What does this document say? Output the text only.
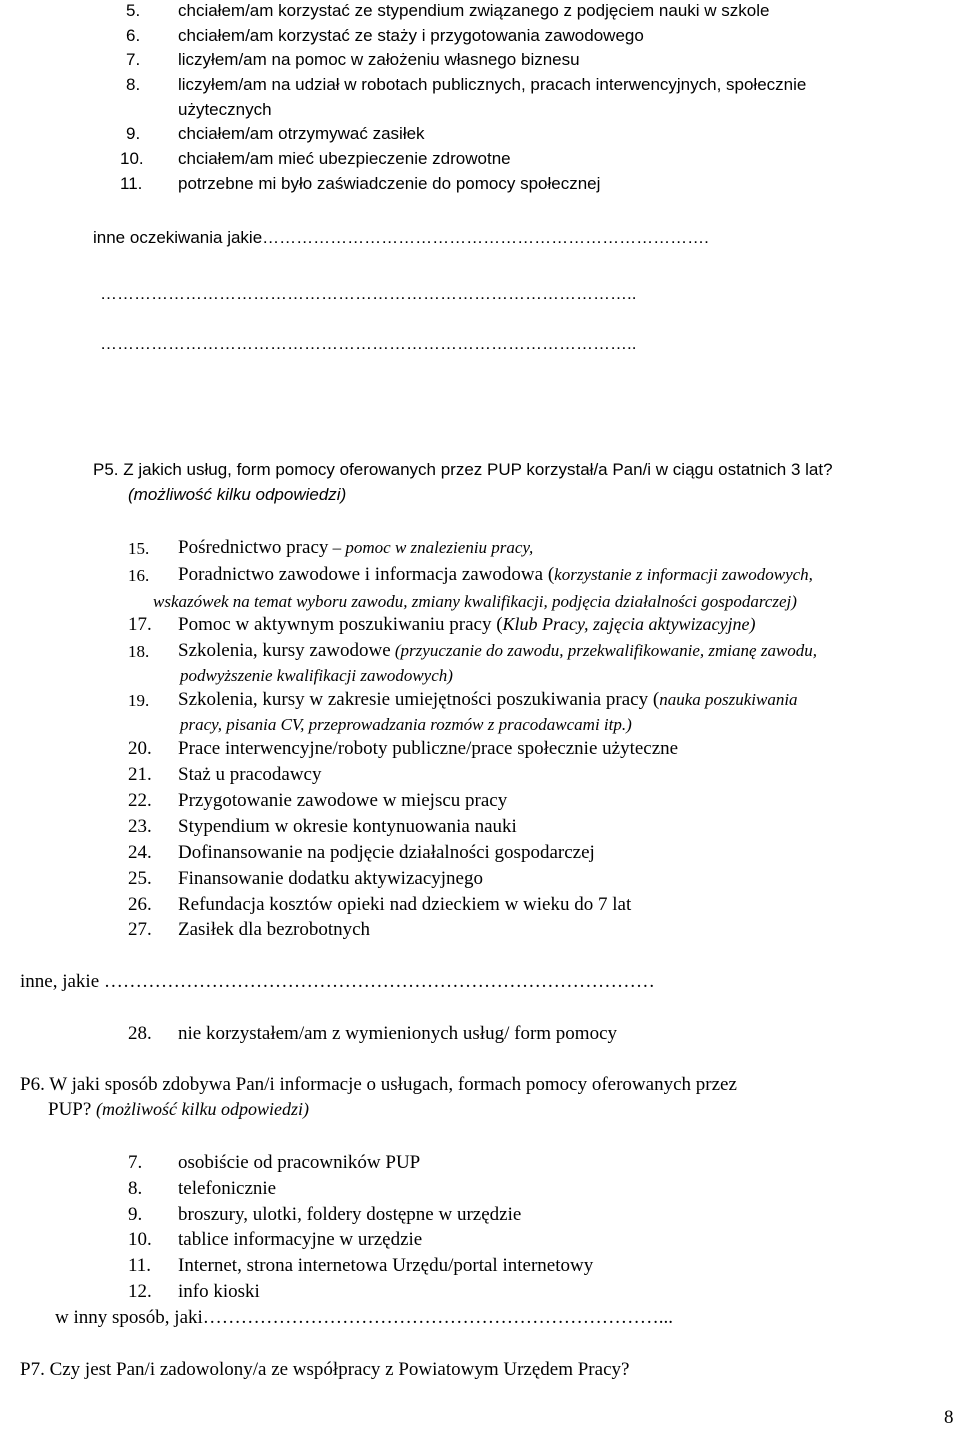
5. chciałem/am korzystać ze stypendium związanego z podjęciem nauki w szkole
6. chciałem/am korzystać ze staży i przygotowania zawodowego
7. liczyłem/am na pomoc w założeniu własnego biznesu
8. liczyłem/am na udział w robotach publicznych, pracach interwencyjnych, społecznie
użytecznych
9. chciałem/am otrzymywać zasiłek
10. chciałem/am mieć ubezpieczenie zdrowotne
11. potrzebne mi było zaświadczenie do pomocy społecznej
inne oczekiwania jakie…………………………………………………………………….
…………………………………………………………………………………..
…………………………………………………………………………………..
P5. Z jakich usług, form pomocy oferowanych przez PUP korzystał/a Pan/i w ciągu ostatnich 3 lat?
(możliwość kilku odpowiedzi)
15. Pośrednictwo pracy – pomoc w znalezieniu pracy,
16. Poradnictwo zawodowe i informacja zawodowa (korzystanie z informacji zawodowych,
wskazówek na temat wyboru zawodu, zmiany kwalifikacji, podjęcia działalności gospodarczej)
17. Pomoc w aktywnym poszukiwaniu pracy (Klub Pracy, zajęcia aktywizacyjne)
18. Szkolenia, kursy zawodowe (przyuczanie do zawodu, przekwalifikowanie, zmianę zawodu,
podwyższenie kwalifikacji zawodowych)
19. Szkolenia, kursy w zakresie umiejętności poszukiwania pracy (nauka poszukiwania
pracy, pisania CV, przeprowadzania rozmów z pracodawcami itp.)
20. Prace interwencyjne/roboty publiczne/prace społecznie użyteczne
21. Staż u pracodawcy
22. Przygotowanie zawodowe w miejscu pracy
23. Stypendium w okresie kontynuowania nauki
24. Dofinansowanie na podjęcie działalności gospodarczej
25. Finansowanie dodatku aktywizacyjnego
26. Refundacja kosztów opieki nad dzieckiem w wieku do 7 lat
27. Zasiłek dla bezrobotnych
inne, jakie ……………………………………………………………………………
28. nie korzystałem/am z wymienionych usług/ form pomocy
P6. W jaki sposób zdobywa Pan/i informacje o usługach, formach pomocy oferowanych przez
PUP? (możliwość kilku odpowiedzi)
7. osobiście od pracowników PUP
8. telefonicznie
9. broszury, ulotki, foldery dostępne w urzędzie
10. tablice informacyjne w urzędzie
11. Internet, strona internetowa Urzędu/portal internetowy
12. info kioski
w inny sposób, jaki………………………………………………………………...
P7. Czy jest Pan/i zadowolony/a ze współpracy z Powiatowym Urzędem Pracy?
8
